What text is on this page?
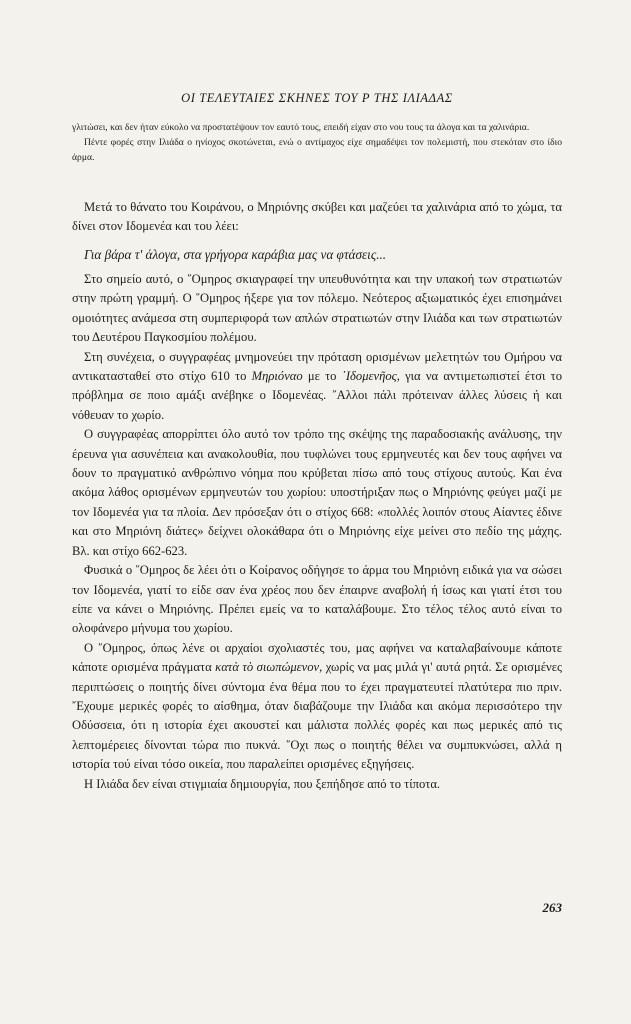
ΟΙ ΤΕΛΕΥΤΑΙΕΣ ΣΚΗΝΕΣ ΤΟΥ Ρ ΤΗΣ ΙΛΙΑΔΑΣ

γλιτώσει, και δεν ήταν εύκολο να προστατέψουν τον εαυτό τους, επειδή είχαν στο νου τους τα άλογα και τα χαλινάρια.

Πέντε φορές στην Ιλιάδα ο ηνίοχος σκοτώνεται, ενώ ο αντίμαχος είχε σημαδέψει τον πολεμιστή, που στεκόταν στο ίδιο άρμα.

Μετά το θάνατο του Κοιράνου, ο Μηριόνης σκύβει και μαζεύει τα χαλινάρια από το χώμα, τα δίνει στον Ιδομενέα και του λέει:

Για βάρα τ' άλογα, στα γρήγορα καράβια μας να φτάσεις...

Στο σημείο αυτό, ο ῞Ομηρος σκιαγραφεί την υπευθυνότητα και την υπακοή των στρατιωτών στην πρώτη γραμμή. Ο ῞Ομηρος ήξερε για τον πόλεμο. Νεότερος αξιωματικός έχει επισημάνει ομοιότητες ανάμεσα στη συμπεριφορά των απλών στρατιωτών στην Ιλιάδα και των στρατιωτών του Δευτέρου Παγκοσμίου πολέμου.

Στη συνέχεια, ο συγγραφέας μνημονεύει την πρόταση ορισμένων μελετητών του Ομήρου να αντικατασταθεί στο στίχο 610 το Μηριόναο με το ᾿Ιδομενῆος, για να αντιμετωπιστεί έτσι το πρόβλημα σε ποιο αμάξι ανέβηκε ο Ιδομενέας. ῎Αλλοι πάλι πρότειναν άλλες λύσεις ή και νόθευαν το χωρίο.

Ο συγγραφέας απορρίπτει όλο αυτό τον τρόπο της σκέψης της παραδοσιακής ανάλυσης, την έρευνα για ασυνέπεια και ανακολουθία, που τυφλώνει τους ερμηνευτές και δεν τους αφήνει να δουν το πραγματικό ανθρώπινο νόημα που κρύβεται πίσω από τους στίχους αυτούς. Και ένα ακόμα λάθος ορισμένων ερμηνευτών του χωρίου: υποστήριξαν πως ο Μηριόνης φεύγει μαζί με τον Ιδομενέα για τα πλοία. Δεν πρόσεξαν ότι ο στίχος 668: «πολλές λοιπόν στους Αίαντες έδινε και στο Μηριόνη διάτες» δείχνει ολοκάθαρα ότι ο Μηριόνης είχε μείνει στο πεδίο της μάχης. Βλ. και στίχο 662-623.

Φυσικά ο ῞Ομηρος δε λέει ότι ο Κοίρανος οδήγησε το άρμα του Μηριόνη ειδικά για να σώσει τον Ιδομενέα, γιατί το είδε σαν ένα χρέος που δεν έπαιρνε αναβολή ή ίσως και γιατί έτσι του είπε να κάνει ο Μηριόνης. Πρέπει εμείς να το καταλάβουμε. Στο τέλος τέλος αυτό είναι το ολοφάνερο μήνυμα του χωρίου.

Ο ῞Ομηρος, όπως λένε οι αρχαίοι σχολιαστές του, μας αφήνει να καταλαβαίνουμε κάποτε κάποτε ορισμένα πράγματα κατὰ τὸ σιωπώμενον, χωρίς να μας μιλά γι' αυτά ρητά. Σε ορισμένες περιπτώσεις ο ποιητής δίνει σύντομα ένα θέμα που το έχει πραγματευτεί πλατύτερα πιο πριν. ῎Εχουμε μερικές φορές το αίσθημα, όταν διαβάζουμε την Ιλιάδα και ακόμα περισσότερο την Οδύσσεια, ότι η ιστορία έχει ακουστεί και μάλιστα πολλές φορές και πως μερικές από τις λεπτομέρειες δίνονται τώρα πιο πυκνά. ῞Οχι πως ο ποιητής θέλει να συμπυκνώσει, αλλά η ιστορία τού είναι τόσο οικεία, που παραλείπει ορισμένες εξηγήσεις.

Η Ιλιάδα δεν είναι στιγμιαία δημιουργία, που ξεπήδησε από το τίποτα.

263
